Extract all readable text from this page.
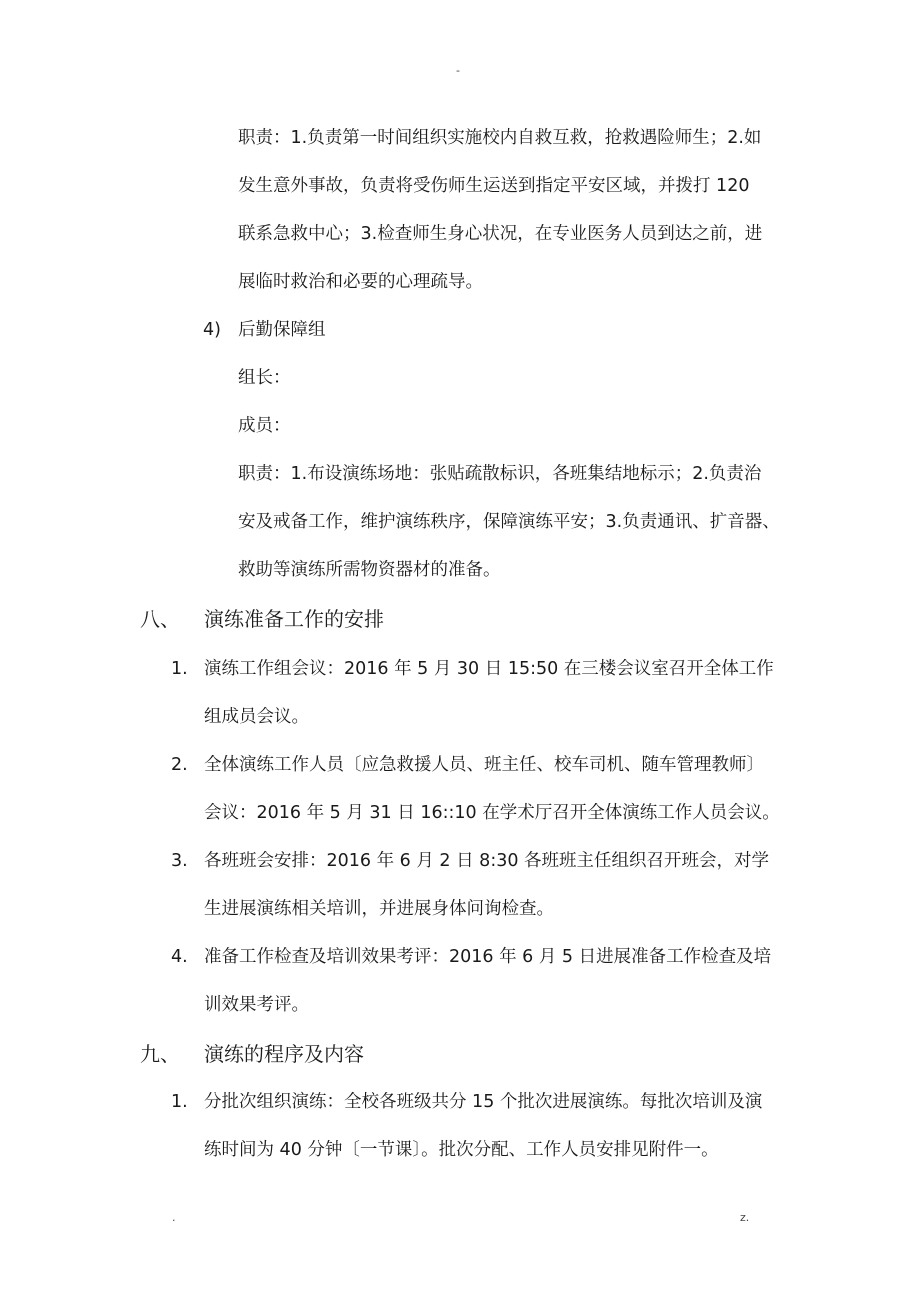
-
职责：1.负责第一时间组织实施校内自救互救，抢救遇险师生；2.如
发生意外事故，负责将受伤师生运送到指定平安区域，并拨打 120
联系急救中心；3.检查师生身心状况，在专业医务人员到达之前，进
展临时救治和必要的心理疏导。
4) 后勤保障组
组长：
成员：
职责：1.布设演练场地：张贴疏散标识，各班集结地标示；2.负责治
安及戒备工作，维护演练秩序，保障演练平安；3.负责通讯、扩音器、
救助等演练所需物资器材的准备。
八、 演练准备工作的安排
1. 演练工作组会议：2016 年 5 月 30 日 15:50 在三楼会议室召开全体工作
组成员会议。
2. 全体演练工作人员〔应急救援人员、班主任、校车司机、随车管理教师〕
会议：2016 年 5 月 31 日 16::10 在学术厅召开全体演练工作人员会议。
3. 各班班会安排：2016 年 6 月 2 日 8:30 各班班主任组织召开班会，对学
生进展演练相关培训，并进展身体问询检查。
4. 准备工作检查及培训效果考评：2016 年 6 月 5 日进展准备工作检查及培
训效果考评。
九、 演练的程序及内容
1. 分批次组织演练：全校各班级共分 15 个批次进展演练。每批次培训及演
练时间为 40 分钟〔一节课〕。批次分配、工作人员安排见附件一。
.	z.
